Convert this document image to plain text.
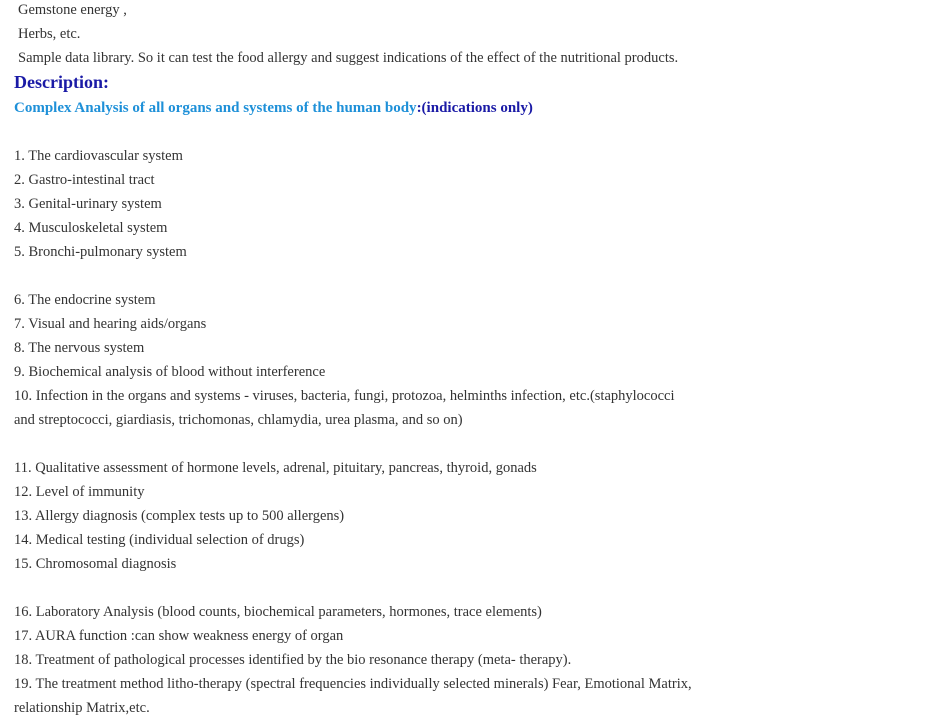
Gemstone energy ,
Herbs, etc.
Sample data library. So it can test the food allergy and suggest indications of the effect of the nutritional products.
Description:
Complex Analysis of all organs and systems of the human body:(indications only)
1. The cardiovascular system
2. Gastro-intestinal tract
3. Genital-urinary system
4. Musculoskeletal system
5. Bronchi-pulmonary system
6. The endocrine system
7. Visual and hearing aids/organs
8. The nervous system
9. Biochemical analysis of blood without interference
10. Infection in the organs and systems - viruses, bacteria, fungi, protozoa, helminths infection, etc.(staphylococci
and streptococci, giardiasis, trichomonas, chlamydia, urea plasma, and so on)
11. Qualitative assessment of hormone levels, adrenal, pituitary, pancreas, thyroid, gonads
12. Level of immunity
13. Allergy diagnosis (complex tests up to 500 allergens)
14. Medical testing (individual selection of drugs)
15. Chromosomal diagnosis
16. Laboratory Analysis (blood counts, biochemical parameters, hormones, trace elements)
17. AURA function :can show weakness energy of organ
18. Treatment of pathological processes identified by the bio resonance therapy (meta- therapy).
19. The treatment method litho-therapy (spectral frequencies individually selected minerals) Fear, Emotional Matrix,
relationship Matrix,etc.
